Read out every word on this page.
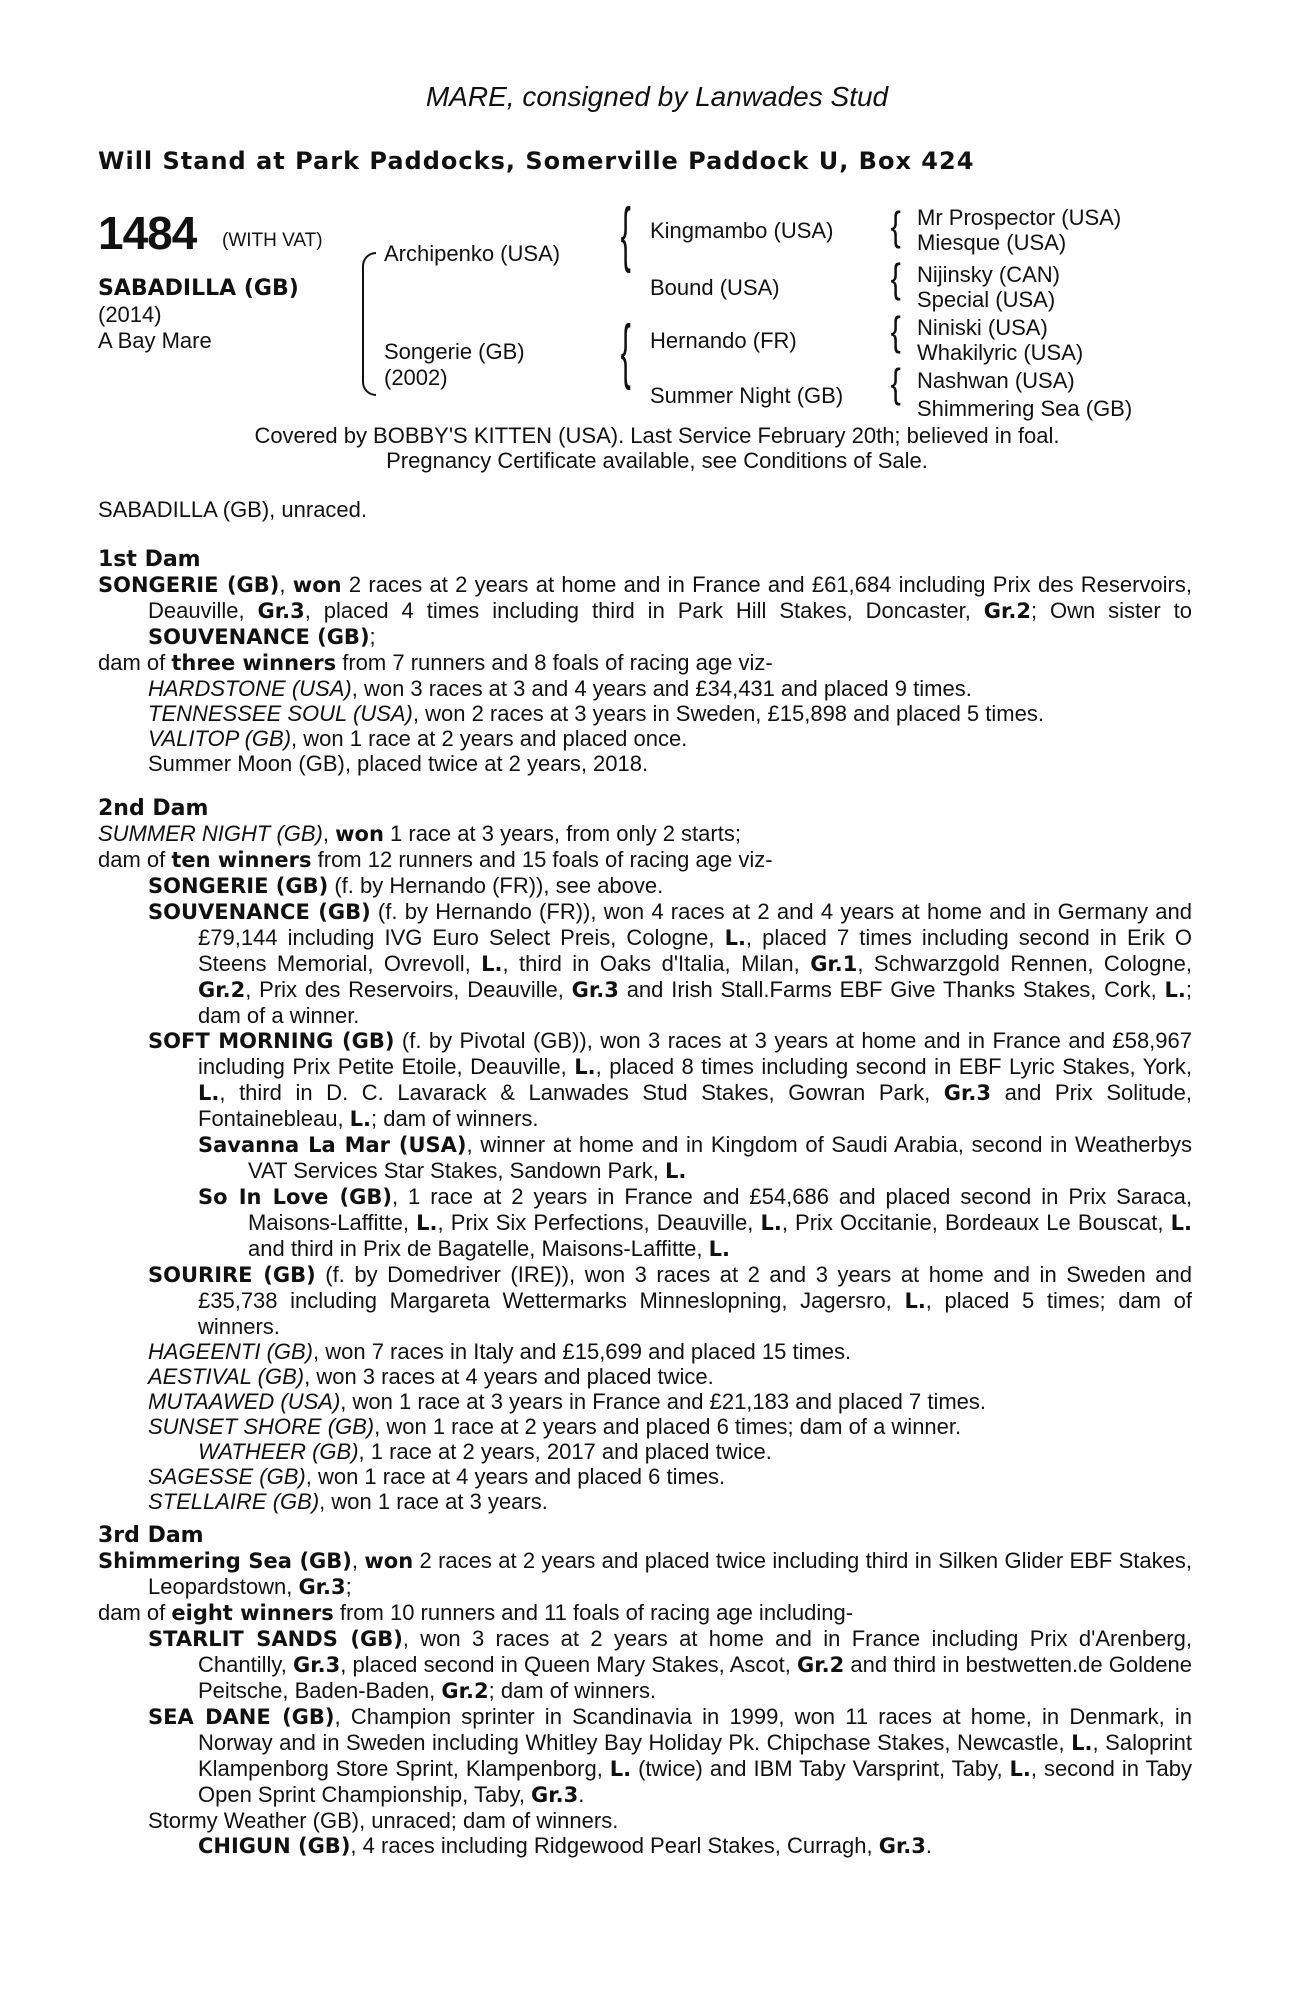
MARE, consigned by Lanwades Stud
Will Stand at Park Paddocks, Somerville Paddock U, Box 424
1484 (WITH VAT)
SABADILLA (GB)
(2014)
A Bay Mare
{
{
{
{
{
{
Archipenko (USA)
Songerie (GB)
(2002)
Kingmambo (USA)
Bound (USA)
Hernando (FR)
Summer Night (GB)
Mr Prospector (USA)
Miesque (USA)
Nijinsky (CAN)
Special (USA)
Niniski (USA)
Whakilyric (USA)
Nashwan (USA)
Shimmering Sea (GB)
Covered by BOBBY'S KITTEN (USA). Last Service February 20th; believed in foal.
Pregnancy Certificate available, see Conditions of Sale.
SABADILLA (GB), unraced.

1st Dam

SONGERIE (GB), won 2 races at 2 years at home and in France and £61,684 including Prix des Reservoirs, Deauville, Gr.3, placed 4 times including third in Park Hill Stakes, Doncaster, Gr.2; Own sister to SOUVENANCE (GB);

dam of three winners from 7 runners and 8 foals of racing age viz-

HARDSTONE (USA), won 3 races at 3 and 4 years and £34,431 and placed 9 times.

TENNESSEE SOUL (USA), won 2 races at 3 years in Sweden, £15,898 and placed 5 times.

VALITOP (GB), won 1 race at 2 years and placed once.

Summer Moon (GB), placed twice at 2 years, 2018.

2nd Dam

SUMMER NIGHT (GB), won 1 race at 3 years, from only 2 starts;

dam of ten winners from 12 runners and 15 foals of racing age viz-

SONGERIE (GB) (f. by Hernando (FR)), see above.

SOUVENANCE (GB) (f. by Hernando (FR)), won 4 races at 2 and 4 years at home and in Germany and £79,144 including IVG Euro Select Preis, Cologne, L., placed 7 times including second in Erik O Steens Memorial, Ovrevoll, L., third in Oaks d'Italia, Milan, Gr.1, Schwarzgold Rennen, Cologne, Gr.2, Prix des Reservoirs, Deauville, Gr.3 and Irish Stall.Farms EBF Give Thanks Stakes, Cork, L.; dam of a winner.

SOFT MORNING (GB) (f. by Pivotal (GB)), won 3 races at 3 years at home and in France and £58,967 including Prix Petite Etoile, Deauville, L., placed 8 times including second in EBF Lyric Stakes, York, L., third in D. C. Lavarack & Lanwades Stud Stakes, Gowran Park, Gr.3 and Prix Solitude, Fontainebleau, L.; dam of winners.

Savanna La Mar (USA), winner at home and in Kingdom of Saudi Arabia, second in Weatherbys VAT Services Star Stakes, Sandown Park, L.

So In Love (GB), 1 race at 2 years in France and £54,686 and placed second in Prix Saraca, Maisons-Laffitte, L., Prix Six Perfections, Deauville, L., Prix Occitanie, Bordeaux Le Bouscat, L. and third in Prix de Bagatelle, Maisons-Laffitte, L.

SOURIRE (GB) (f. by Domedriver (IRE)), won 3 races at 2 and 3 years at home and in Sweden and £35,738 including Margareta Wettermarks Minneslopning, Jagersro, L., placed 5 times; dam of winners.

HAGEENTI (GB), won 7 races in Italy and £15,699 and placed 15 times.

AESTIVAL (GB), won 3 races at 4 years and placed twice.

MUTAAWED (USA), won 1 race at 3 years in France and £21,183 and placed 7 times.

SUNSET SHORE (GB), won 1 race at 2 years and placed 6 times; dam of a winner.

WATHEER (GB), 1 race at 2 years, 2017 and placed twice.

SAGESSE (GB), won 1 race at 4 years and placed 6 times.

STELLAIRE (GB), won 1 race at 3 years.

3rd Dam

Shimmering Sea (GB), won 2 races at 2 years and placed twice including third in Silken Glider EBF Stakes, Leopardstown, Gr.3;

dam of eight winners from 10 runners and 11 foals of racing age including-

STARLIT SANDS (GB), won 3 races at 2 years at home and in France including Prix d'Arenberg, Chantilly, Gr.3, placed second in Queen Mary Stakes, Ascot, Gr.2 and third in bestwetten.de Goldene Peitsche, Baden-Baden, Gr.2; dam of winners.

SEA DANE (GB), Champion sprinter in Scandinavia in 1999, won 11 races at home, in Denmark, in Norway and in Sweden including Whitley Bay Holiday Pk. Chipchase Stakes, Newcastle, L., Saloprint Klampenborg Store Sprint, Klampenborg, L. (twice) and IBM Taby Varsprint, Taby, L., second in Taby Open Sprint Championship, Taby, Gr.3.

Stormy Weather (GB), unraced; dam of winners.

CHIGUN (GB), 4 races including Ridgewood Pearl Stakes, Curragh, Gr.3.
